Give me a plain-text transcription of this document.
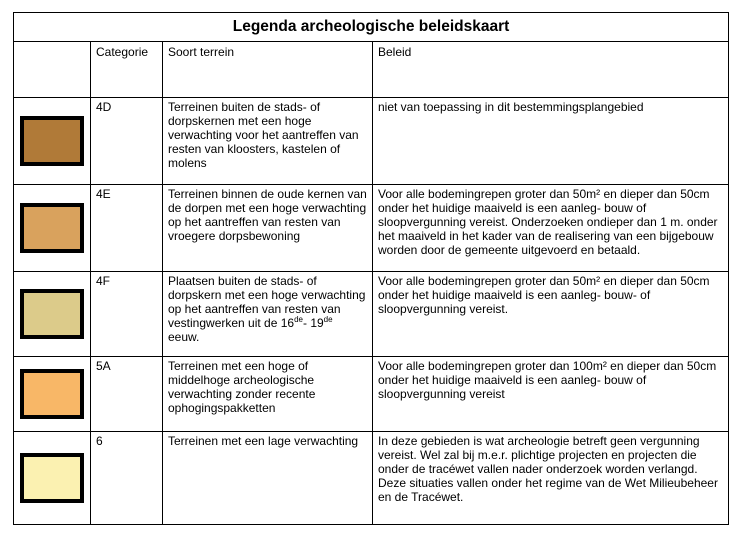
Legenda archeologische beleidskaart			
	Categorie	Soort terrein	Beleid

	4D	Terreinen buiten de stads- of dorpskernen met een hoge verwachting voor het aantreffen van resten van kloosters, kastelen of molens	niet van toepassing in dit bestemmingsplangebied

	4E	Terreinen binnen de oude kernen van de dorpen met een hoge verwachting op het aantreffen van resten van vroegere dorpsbewoning	Voor alle bodemingrepen groter dan 50m² en dieper dan 50cm onder het huidige maaiveld is een aanleg- bouw of sloopvergunning vereist. Onderzoeken ondieper dan 1 m. onder het maaiveld in het kader van de realisering van een bijgebouw worden door de gemeente uitgevoerd en betaald.

	4F	Plaatsen buiten de stads- of dorpskern met een hoge verwachting op het aantreffen van resten van vestingwerken uit de 16de- 19de eeuw.	Voor alle bodemingrepen groter dan 50m² en dieper dan 50cm onder het huidige maaiveld is een aanleg- bouw- of sloopvergunning vereist.

	5A	Terreinen met een hoge of middelhoge archeologische verwachting zonder recente ophogingspakketten	Voor alle bodemingrepen groter dan 100m² en dieper dan 50cm onder het huidige maaiveld is een aanleg- bouw of sloopvergunning vereist

	6	Terreinen met een lage verwachting	In deze gebieden is wat archeologie betreft geen vergunning vereist. Wel zal bij m.e.r. plichtige projecten en projecten die onder de tracéwet vallen nader onderzoek worden verlangd. Deze situaties vallen onder het regime van de Wet Milieubeheer en de Tracéwet.
